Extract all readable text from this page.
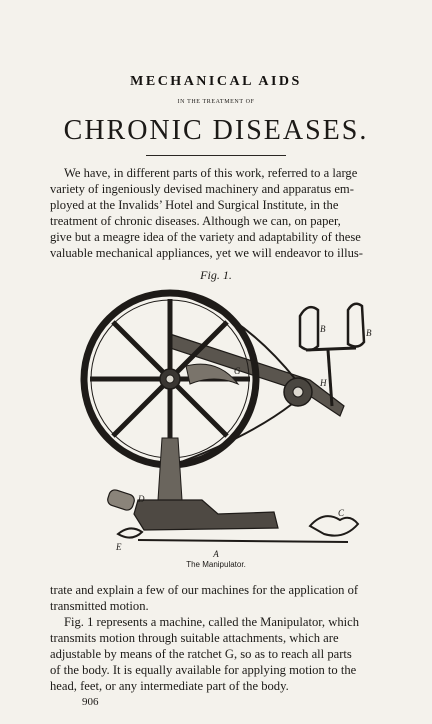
MECHANICAL AIDS
IN THE TREATMENT OF
CHRONIC DISEASES.

We have, in different parts of this work, referred to a large
variety of ingeniously devised machinery and apparatus em-
ployed at the Invalids’ Hotel and Surgical Institute, in the
treatment of chronic diseases. Although we can, on paper,
give but a meagre idea of the variety and adaptability of these
valuable mechanical appliances, yet we will endeavor to illus-

Fig. 1.
G
H
B	B
D
E
C
A
The Manipulator.

trate and explain a few of our machines for the application of
transmitted motion.

Fig. 1 represents a machine, called the Manipulator, which
transmits motion through suitable attachments, which are
adjustable by means of the ratchet G, so as to reach all parts
of the body. It is equally available for applying motion to the
head, feet, or any intermediate part of the body.

906
